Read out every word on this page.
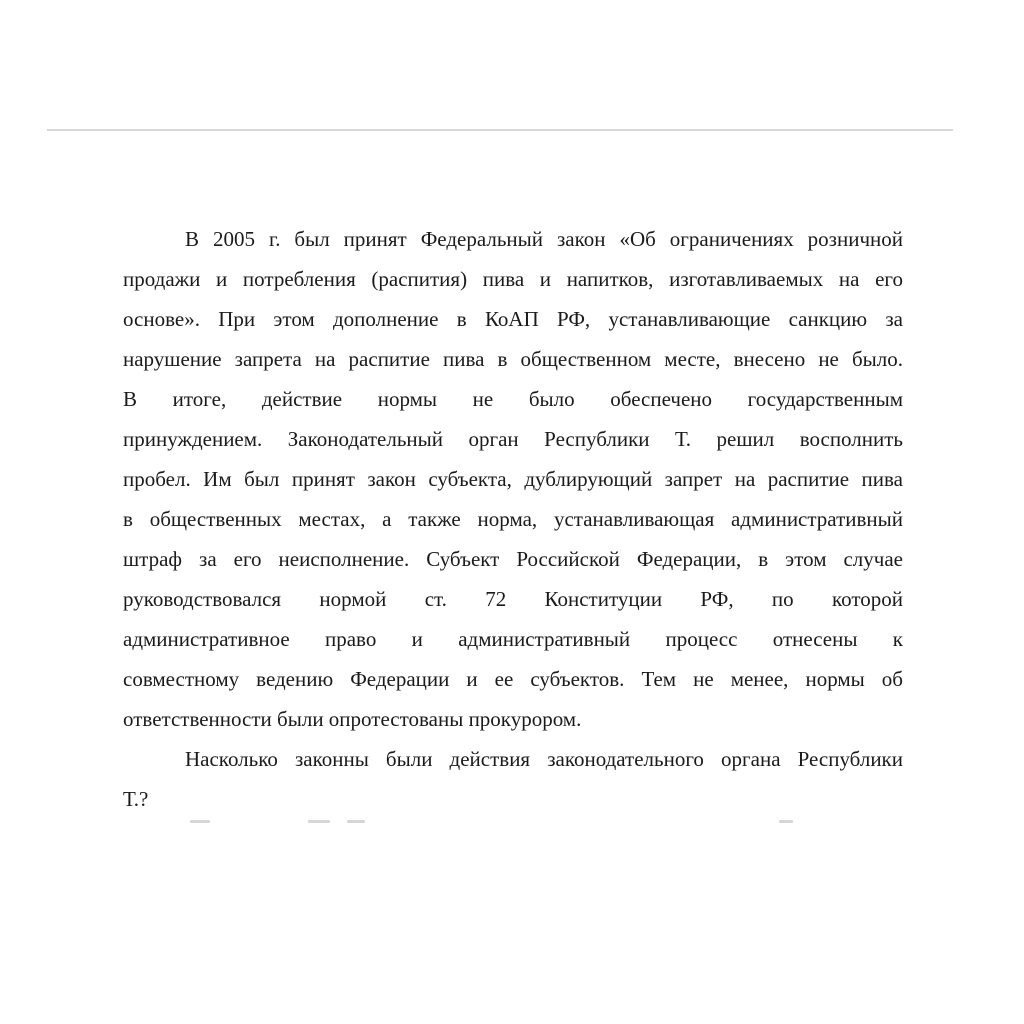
В 2005 г. был принят Федеральный закон «Об ограничениях розничной
продажи и потребления (распития) пива и напитков, изготавливаемых на его
основе». При этом дополнение в КоАП РФ, устанавливающие санкцию за
нарушение запрета на распитие пива в общественном месте, внесено не было.
В итоге, действие нормы не было обеспечено государственным
принуждением. Законодательный орган Республики Т. решил восполнить
пробел. Им был принят закон субъекта, дублирующий запрет на распитие пива
в общественных местах, а также норма, устанавливающая административный
штраф за его неисполнение. Субъект Российской Федерации, в этом случае
руководствовался нормой ст. 72 Конституции РФ, по которой
административное право и административный процесс отнесены к
совместному ведению Федерации и ее субъектов. Тем не менее, нормы об
ответственности были опротестованы прокурором.
Насколько законны были действия законодательного органа Республики
Т.?
